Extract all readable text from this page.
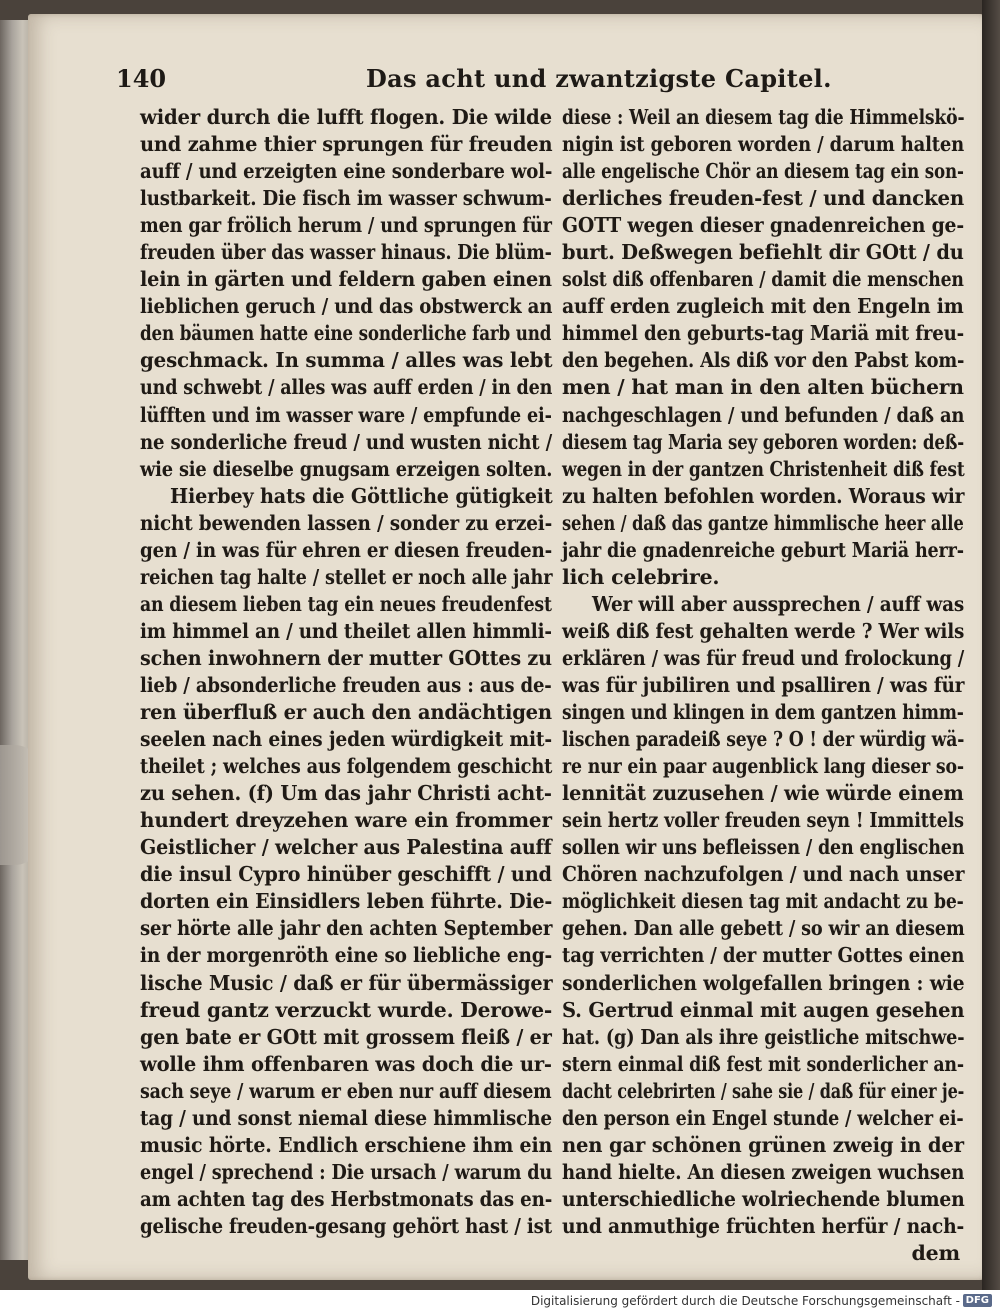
140	Das acht und zwantzigste Capitel.
wider durch die lufft flogen. Die wilde
und zahme thier sprungen für freuden
auff / und erzeigten eine sonderbare wol-
lustbarkeit. Die fisch im wasser schwum-
men gar frölich herum / und sprungen für
freuden über das wasser hinaus. Die blüm-
lein in gärten und feldern gaben einen
lieblichen geruch / und das obstwerck an
den bäumen hatte eine sonderliche farb und
geschmack. In summa / alles was lebt
und schwebt / alles was auff erden / in den
lüfften und im wasser ware / empfunde ei-
ne sonderliche freud / und wusten nicht /
wie sie dieselbe gnugsam erzeigen solten.
Hierbey hats die Göttliche gütigkeit
nicht bewenden lassen / sonder zu erzei-
gen / in was für ehren er diesen freuden-
reichen tag halte / stellet er noch alle jahr
an diesem lieben tag ein neues freudenfest
im himmel an / und theilet allen himmli-
schen inwohnern der mutter GOttes zu
lieb / absonderliche freuden aus : aus de-
ren überfluß er auch den andächtigen
seelen nach eines jeden würdigkeit mit-
theilet ; welches aus folgendem geschicht
zu sehen. (f) Um das jahr Christi acht-
hundert dreyzehen ware ein frommer
Geistlicher / welcher aus Palestina auff
die insul Cypro hinüber geschifft / und
dorten ein Einsidlers leben führte. Die-
ser hörte alle jahr den achten September
in der morgenröth eine so liebliche eng-
lische Music / daß er für übermässiger
freud gantz verzuckt wurde. Derowe-
gen bate er GOtt mit grossem fleiß / er
wolle ihm offenbaren was doch die ur-
sach seye / warum er eben nur auff diesem
tag / und sonst niemal diese himmlische
music hörte. Endlich erschiene ihm ein
engel / sprechend : Die ursach / warum du
am achten tag des Herbstmonats das en-
gelische freuden-gesang gehört hast / ist
diese : Weil an diesem tag die Himmelskö-
nigin ist geboren worden / darum halten
alle engelische Chör an diesem tag ein son-
derliches freuden-fest / und dancken
GOTT wegen dieser gnadenreichen ge-
burt. Deßwegen befiehlt dir GOtt / du
solst diß offenbaren / damit die menschen
auff erden zugleich mit den Engeln im
himmel den geburts-tag Mariä mit freu-
den begehen. Als diß vor den Pabst kom-
men / hat man in den alten büchern
nachgeschlagen / und befunden / daß an
diesem tag Maria sey geboren worden: deß-
wegen in der gantzen Christenheit diß fest
zu halten befohlen worden. Woraus wir
sehen / daß das gantze himmlische heer alle
jahr die gnadenreiche geburt Mariä herr-
lich celebrire.
Wer will aber aussprechen / auff was
weiß diß fest gehalten werde ? Wer wils
erklären / was für freud und frolockung /
was für jubiliren und psalliren / was für
singen und klingen in dem gantzen himm-
lischen paradeiß seye ? O ! der würdig wä-
re nur ein paar augenblick lang dieser so-
lennität zuzusehen / wie würde einem
sein hertz voller freuden seyn ! Immittels
sollen wir uns befleissen / den englischen
Chören nachzufolgen / und nach unser
möglichkeit diesen tag mit andacht zu be-
gehen. Dan alle gebett / so wir an diesem
tag verrichten / der mutter Gottes einen
sonderlichen wolgefallen bringen : wie
S. Gertrud einmal mit augen gesehen
hat. (g) Dan als ihre geistliche mitschwe-
stern einmal diß fest mit sonderlicher an-
dacht celebrirten / sahe sie / daß für einer je-
den person ein Engel stunde / welcher ei-
nen gar schönen grünen zweig in der
hand hielte. An diesen zweigen wuchsen
unterschiedliche wolriechende blumen
und anmuthige früchten herfür / nach-
dem
Digitalisierung gefördert durch die Deutsche Forschungsgemeinschaft - DFG
